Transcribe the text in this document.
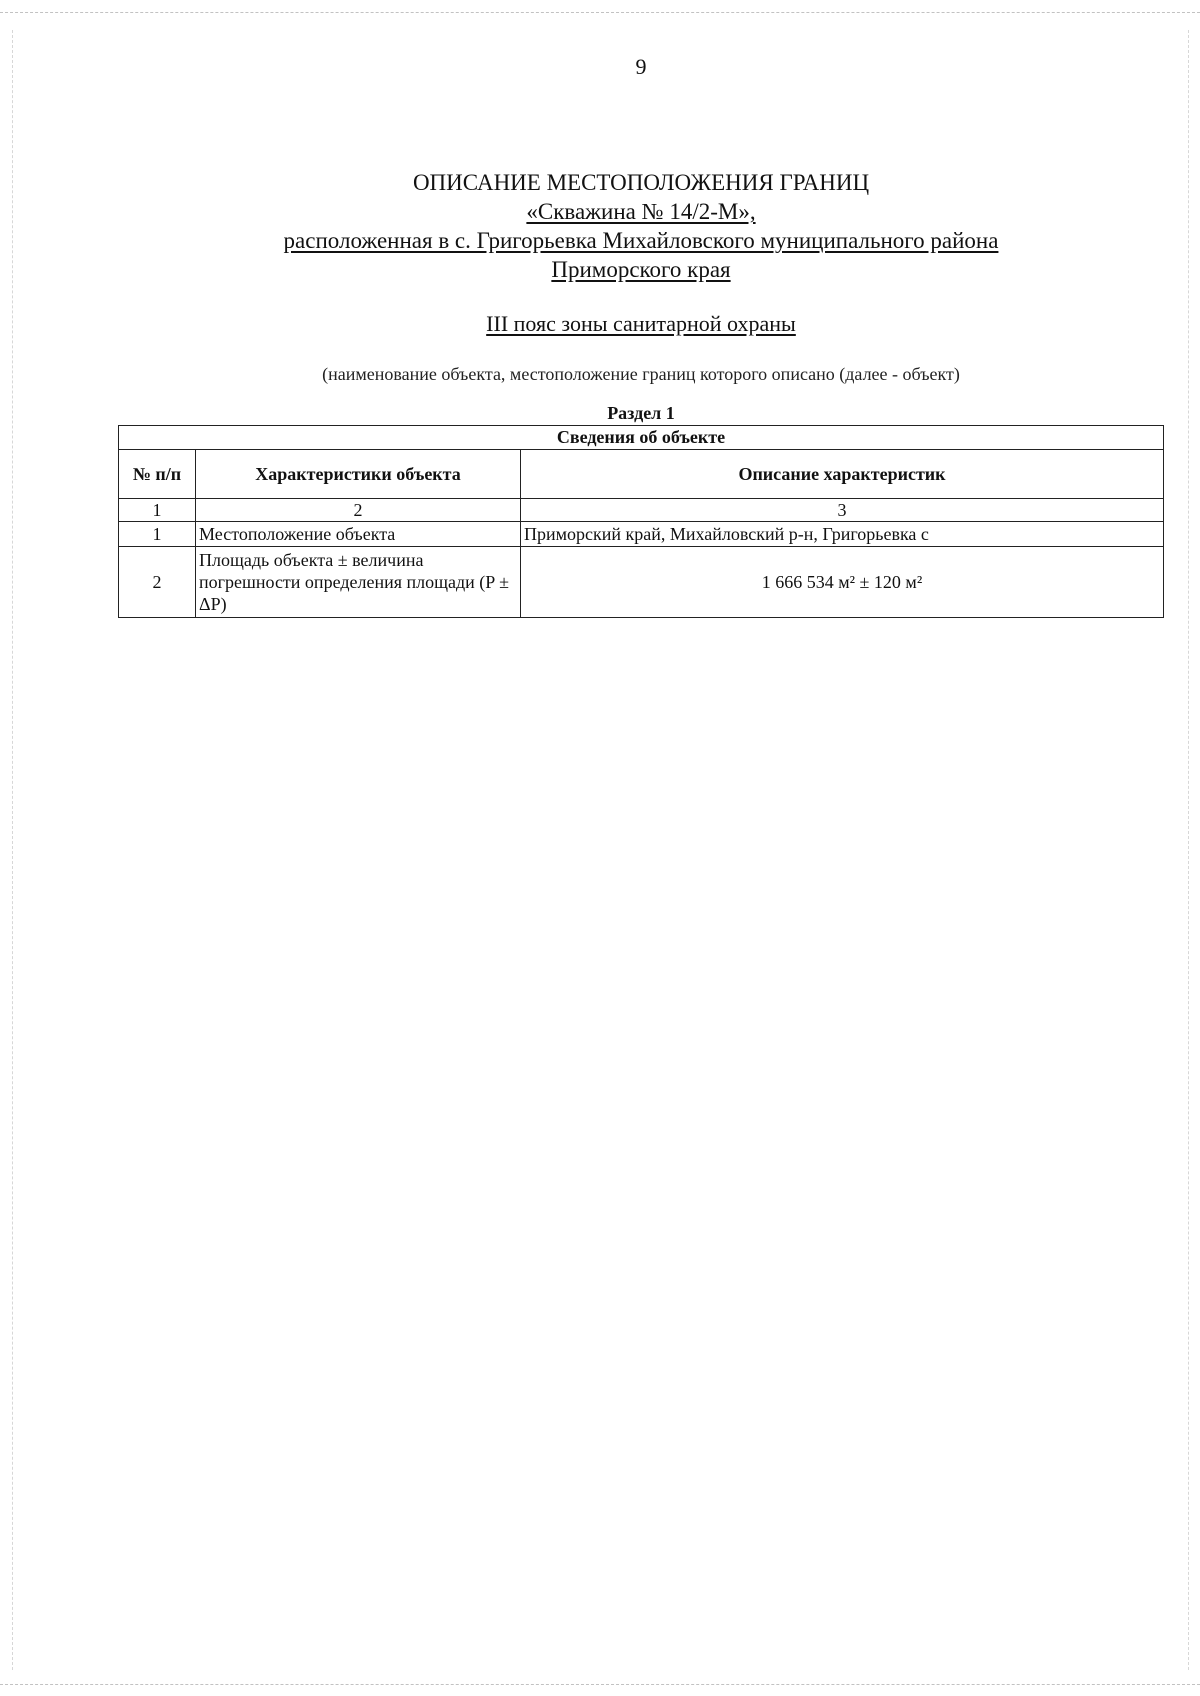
9
ОПИСАНИЕ МЕСТОПОЛОЖЕНИЯ ГРАНИЦ
«Скважина № 14/2-М»,
расположенная в с. Григорьевка Михайловского муниципального района
Приморского края
III пояс зоны санитарной охраны
(наименование объекта, местоположение границ которого описано (далее - объект)
Раздел 1
Сведения об объекте		
№ п/п	Характеристики объекта	Описание характеристик
1	2	3
1	Местоположение объекта	Приморский край, Михайловский р-н, Григорьевка с
2	Площадь объекта ± величина погрешности определения площади (P ± ΔP)	1 666 534 м² ± 120 м²
